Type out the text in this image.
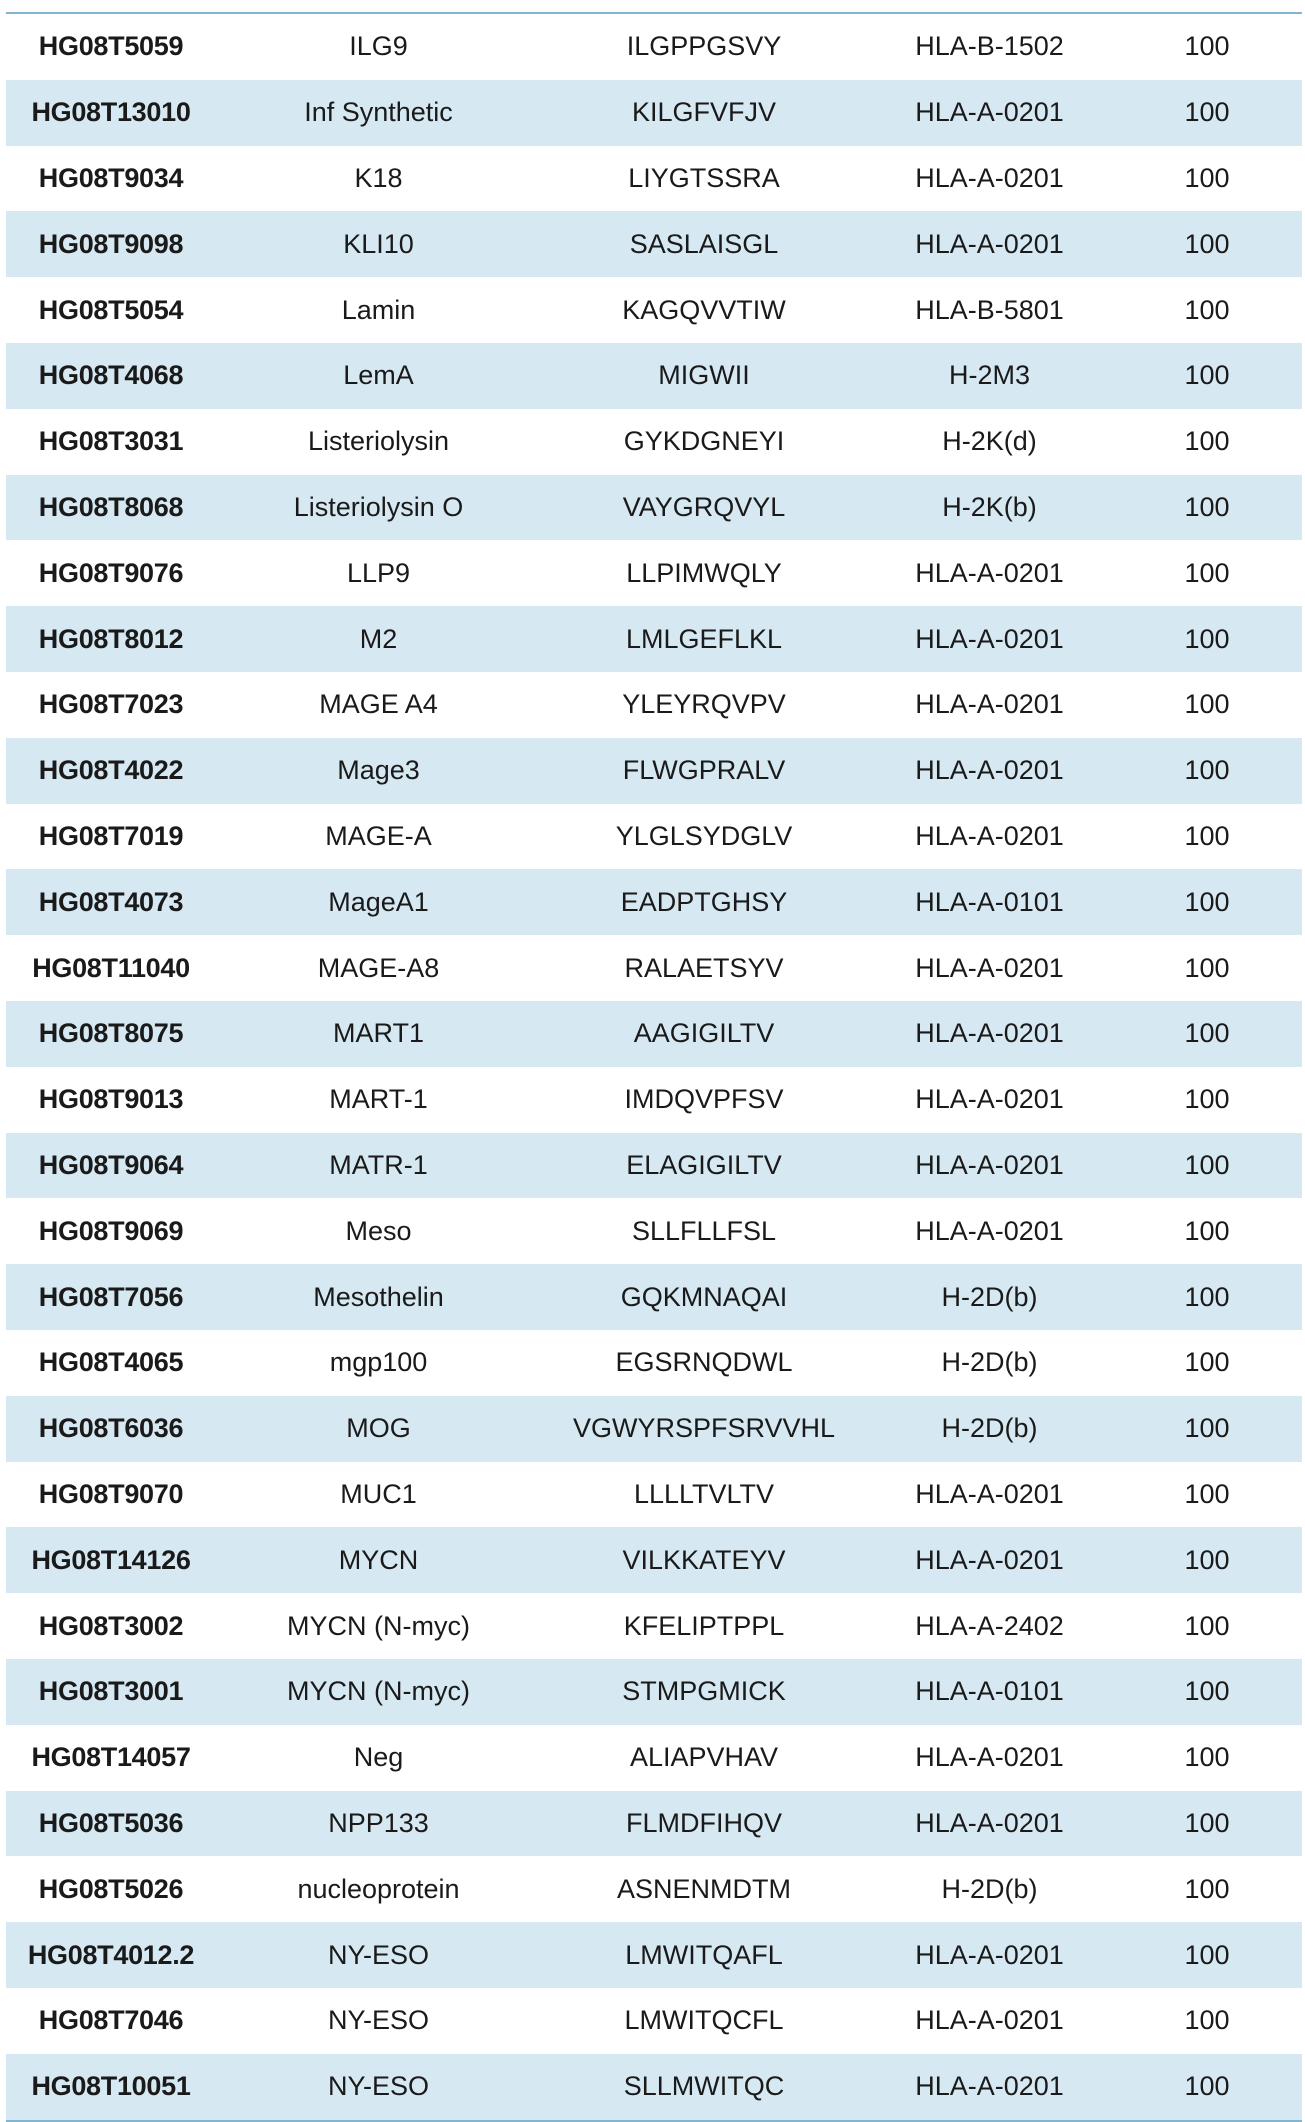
HG08T5059	ILG9	ILGPPGSVY	HLA-B-1502	100
HG08T13010	Inf Synthetic	KILGFVFJV	HLA-A-0201	100
HG08T9034	K18	LIYGTSSRA	HLA-A-0201	100
HG08T9098	KLI10	SASLAISGL	HLA-A-0201	100
HG08T5054	Lamin	KAGQVVTIW	HLA-B-5801	100
HG08T4068	LemA	MIGWII	H-2M3	100
HG08T3031	Listeriolysin	GYKDGNEYI	H-2K(d)	100
HG08T8068	Listeriolysin O	VAYGRQVYL	H-2K(b)	100
HG08T9076	LLP9	LLPIMWQLY	HLA-A-0201	100
HG08T8012	M2	LMLGEFLKL	HLA-A-0201	100
HG08T7023	MAGE A4	YLEYRQVPV	HLA-A-0201	100
HG08T4022	Mage3	FLWGPRALV	HLA-A-0201	100
HG08T7019	MAGE-A	YLGLSYDGLV	HLA-A-0201	100
HG08T4073	MageA1	EADPTGHSY	HLA-A-0101	100
HG08T11040	MAGE-A8	RALAETSYV	HLA-A-0201	100
HG08T8075	MART1	AAGIGILTV	HLA-A-0201	100
HG08T9013	MART-1	IMDQVPFSV	HLA-A-0201	100
HG08T9064	MATR-1	ELAGIGILTV	HLA-A-0201	100
HG08T9069	Meso	SLLFLLFSL	HLA-A-0201	100
HG08T7056	Mesothelin	GQKMNAQAI	H-2D(b)	100
HG08T4065	mgp100	EGSRNQDWL	H-2D(b)	100
HG08T6036	MOG	VGWYRSPFSRVVHL	H-2D(b)	100
HG08T9070	MUC1	LLLLTVLTV	HLA-A-0201	100
HG08T14126	MYCN	VILKKATEYV	HLA-A-0201	100
HG08T3002	MYCN (N-myc)	KFELIPTPPL	HLA-A-2402	100
HG08T3001	MYCN (N-myc)	STMPGMICK	HLA-A-0101	100
HG08T14057	Neg	ALIAPVHAV	HLA-A-0201	100
HG08T5036	NPP133	FLMDFIHQV	HLA-A-0201	100
HG08T5026	nucleoprotein	ASNENMDTM	H-2D(b)	100
HG08T4012.2	NY-ESO	LMWITQAFL	HLA-A-0201	100
HG08T7046	NY-ESO	LMWITQCFL	HLA-A-0201	100
HG08T10051	NY-ESO	SLLMWITQC	HLA-A-0201	100
